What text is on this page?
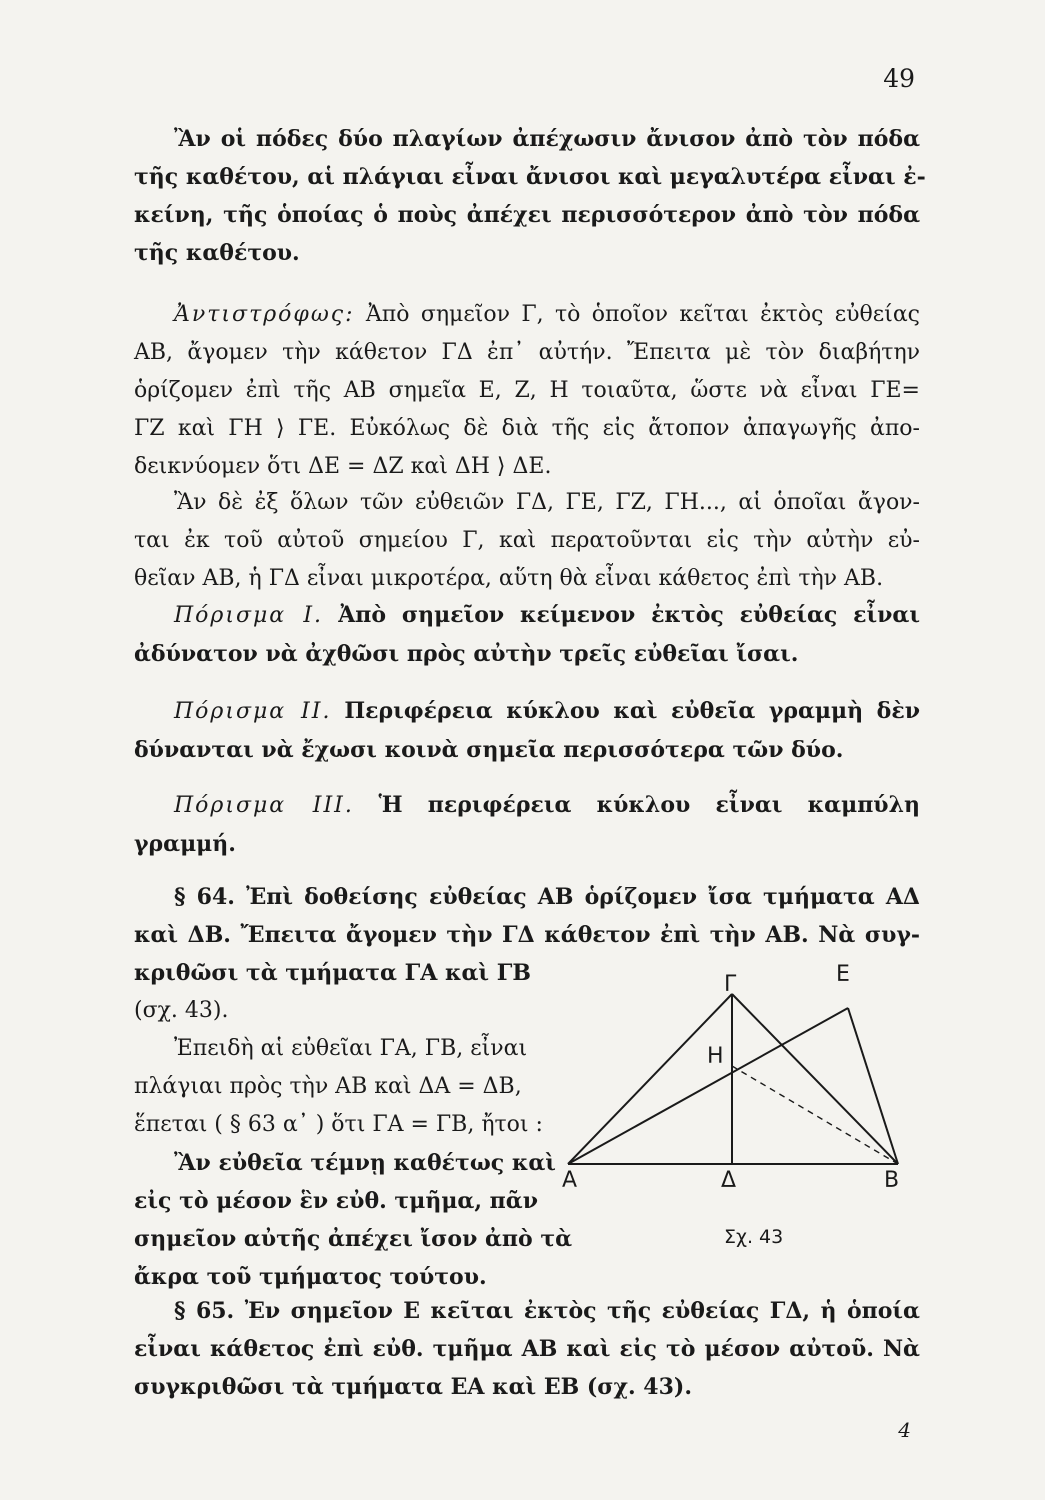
49
Ἂν οἱ πόδες δύο πλαγίων ἀπέχωσιν ἄνισον ἀπὸ τὸν πόδα
τῆς καθέτου, αἱ πλάγιαι εἶναι ἄνισοι καὶ μεγαλυτέρα εἶναι ἐ-
κείνη, τῆς ὁποίας ὁ ποὺς ἀπέχει περισσότερον ἀπὸ τὸν πόδα
τῆς καθέτου.
Ἀντιστρόφως: Ἀπὸ σημεῖον Γ, τὸ ὁποῖον κεῖται ἐκτὸς εὐθείας
ΑΒ, ἄγομεν τὴν κάθετον ΓΔ ἐπ᾽ αὐτήν. Ἔπειτα μὲ τὸν διαβήτην
ὁρίζομεν ἐπὶ τῆς ΑΒ σημεῖα Ε, Ζ, Η τοιαῦτα, ὥστε νὰ εἶναι ΓΕ=
ΓΖ καὶ ΓΗ ⟩ ΓΕ. Εὐκόλως δὲ διὰ τῆς εἰς ἄτοπον ἀπαγωγῆς ἀπο-
δεικνύομεν ὅτι ΔΕ = ΔΖ καὶ ΔΗ ⟩ ΔΕ.
Ἂν δὲ ἐξ ὅλων τῶν εὐθειῶν ΓΔ, ΓΕ, ΓΖ, ΓΗ..., αἱ ὁποῖαι ἄγον-
ται ἐκ τοῦ αὐτοῦ σημείου Γ, καὶ περατοῦνται εἰς τὴν αὐτὴν εὐ-
θεῖαν ΑΒ, ἡ ΓΔ εἶναι μικροτέρα, αὕτη θὰ εἶναι κάθετος ἐπὶ τὴν ΑΒ.
Πόρισμα Ι. Ἀπὸ σημεῖον κείμενον ἐκτὸς εὐθείας εἶναι
ἀδύνατον νὰ ἀχθῶσι πρὸς αὐτὴν τρεῖς εὐθεῖαι ἴσαι.
Πόρισμα ΙΙ. Περιφέρεια κύκλου καὶ εὐθεῖα γραμμὴ δὲν
δύνανται νὰ ἔχωσι κοινὰ σημεῖα περισσότερα τῶν δύο.
Πόρισμα ΙΙΙ. Ἡ περιφέρεια κύκλου εἶναι καμπύλη
γραμμή.
§ 64. Ἐπὶ δοθείσης εὐθείας ΑΒ ὁρίζομεν ἴσα τμήματα ΑΔ
καὶ ΔΒ. Ἔπειτα ἄγομεν τὴν ΓΔ κάθετον ἐπὶ τὴν ΑΒ. Νὰ συγ-
κριθῶσι τὰ τμήματα ΓΑ καὶ ΓΒ
(σχ. 43).
Ἐπειδὴ αἱ εὐθεῖαι ΓΑ, ΓΒ, εἶναι
πλάγιαι πρὸς τὴν ΑΒ καὶ ΔΑ = ΔΒ,
ἕπεται ( § 63 α᾽ ) ὅτι ΓΑ = ΓΒ, ἤτοι :
Ἂν εὐθεῖα τέμνῃ καθέτως καὶ
εἰς τὸ μέσον ἓν εὐθ. τμῆμα, πᾶν
σημεῖον αὐτῆς ἀπέχει ἴσον ἀπὸ τὰ
ἄκρα τοῦ τμήματος τούτου.
Γ	Ε
Η
Α	Δ	Β
Σχ. 43
§ 65. Ἐν σημεῖον Ε κεῖται ἐκτὸς τῆς εὐθείας ΓΔ, ἡ ὁποία
εἶναι κάθετος ἐπὶ εὐθ. τμῆμα ΑΒ καὶ εἰς τὸ μέσον αὐτοῦ. Νὰ
συγκριθῶσι τὰ τμήματα ΕΑ καὶ ΕΒ (σχ. 43).
4
